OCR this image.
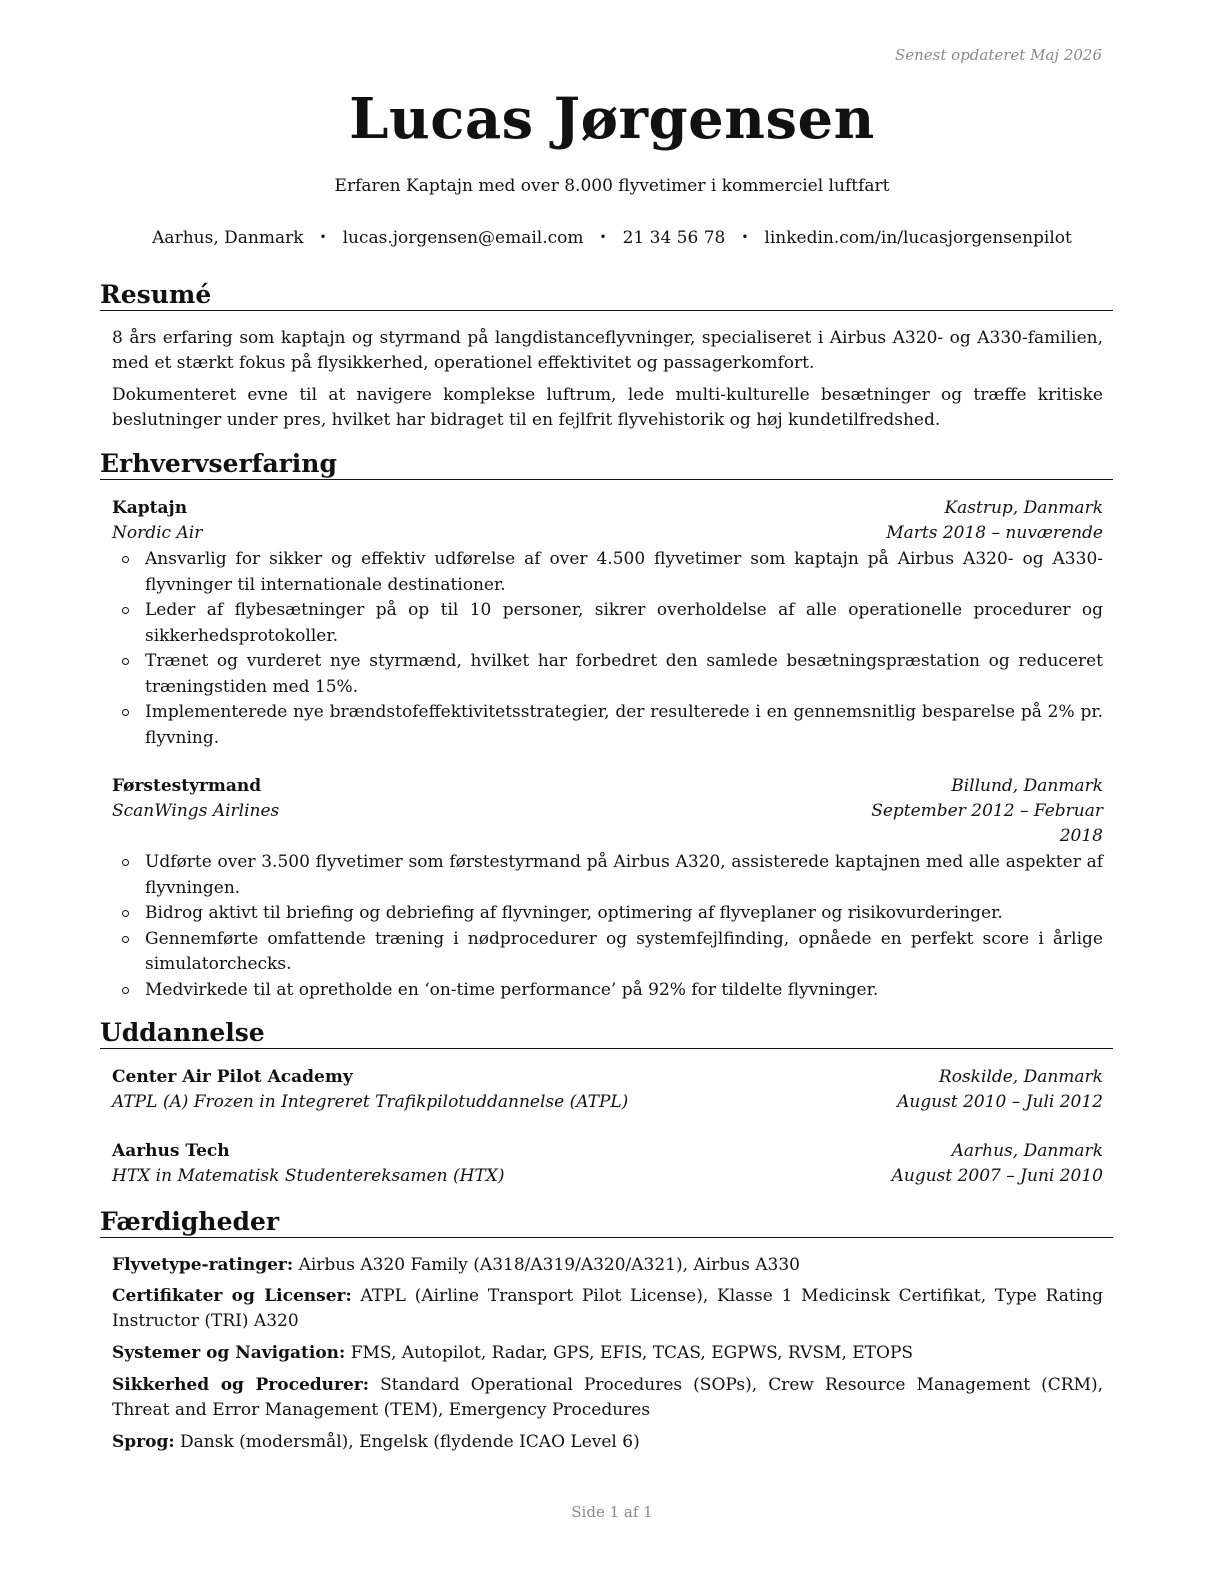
Senest opdateret Maj 2026
Lucas Jørgensen
Erfaren Kaptajn med over 8.000 flyvetimer i kommerciel luftfart
Aarhus, Danmark • lucas.jorgensen@email.com • 21 34 56 78 • linkedin.com/in/lucasjorgensenpilot
Resumé
8 års erfaring som kaptajn og styrmand på langdistanceflyvninger, specialiseret i Airbus A320- og A330-familien, med et stærkt fokus på flysikkerhed, operationel effektivitet og passagerkomfort.
Dokumenteret evne til at navigere komplekse luftrum, lede multi-kulturelle besætninger og træffe kritiske beslutninger under pres, hvilket har bidraget til en fejlfrit flyvehistorik og høj kundetilfredshed.
Erhvervserfaring
Kaptajn	Kastrup, Danmark
Nordic Air	Marts 2018 – nuværende
Ansvarlig for sikker og effektiv udførelse af over 4.500 flyvetimer som kaptajn på Airbus A320- og A330-flyvninger til internationale destinationer.
Leder af flybesætninger på op til 10 personer, sikrer overholdelse af alle operationelle procedurer og sikkerhedsprotokoller.
Trænet og vurderet nye styrmænd, hvilket har forbedret den samlede besætningspræstation og reduceret træningstiden med 15%.
Implementerede nye brændstofeffektivitetsstrategier, der resulterede i en gennemsnitlig besparelse på 2% pr. flyvning.
Førstestyrmand	Billund, Danmark
ScanWings Airlines	September 2012 – Februar
2018
Udførte over 3.500 flyvetimer som førstestyrmand på Airbus A320, assisterede kaptajnen med alle aspekter af flyvningen.
Bidrog aktivt til briefing og debriefing af flyvninger, optimering af flyveplaner og risikovurderinger.
Gennemførte omfattende træning i nødprocedurer og systemfejlfinding, opnåede en perfekt score i årlige simulatorchecks.
Medvirkede til at opretholde en ‘on-time performance’ på 92% for tildelte flyvninger.
Uddannelse
Center Air Pilot Academy	Roskilde, Danmark
ATPL (A) Frozen in Integreret Trafikpilotuddannelse (ATPL)	August 2010 – Juli 2012
Aarhus Tech	Aarhus, Danmark
HTX in Matematisk Studentereksamen (HTX)	August 2007 – Juni 2010
Færdigheder
Flyvetype-ratinger: Airbus A320 Family (A318/A319/A320/A321), Airbus A330
Certifikater og Licenser: ATPL (Airline Transport Pilot License), Klasse 1 Medicinsk Certifikat, Type Rating Instructor (TRI) A320
Systemer og Navigation: FMS, Autopilot, Radar, GPS, EFIS, TCAS, EGPWS, RVSM, ETOPS
Sikkerhed og Procedurer: Standard Operational Procedures (SOPs), Crew Resource Management (CRM), Threat and Error Management (TEM), Emergency Procedures
Sprog: Dansk (modersmål), Engelsk (flydende ICAO Level 6)
Side 1 af 1
